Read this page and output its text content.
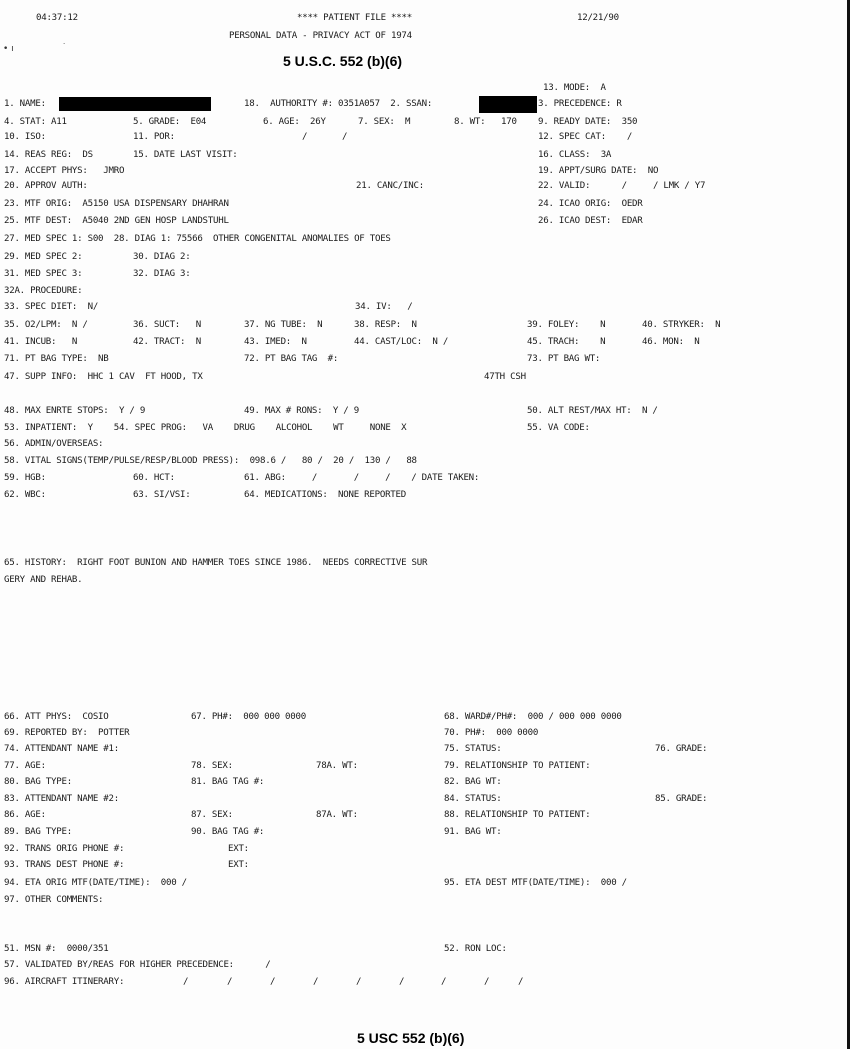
• ı	·
04:37:12	**** PATIENT FILE ****	12/21/90
PERSONAL DATA - PRIVACY ACT OF 1974
5 U.S.C. 552 (b)(6)
13. MODE:  A
1. NAME:	18.  AUTHORITY #: 0351A057  2. SSAN:	3. PRECEDENCE: R
4. STAT: A11	5. GRADE:  E04	6. AGE:  26Y	7. SEX:  M	8. WT:   170 9. READY DATE:  350
10. ISO:	11. POR:	/	/	12. SPEC CAT:    /
14. REAS REG:  DS	15. DATE LAST VISIT:	16. CLASS:  3A
17. ACCEPT PHYS:   JMRO	19. APPT/SURG DATE:  NO
20. APPROV AUTH:	21. CANC/INC:	22. VALID:      /     / LMK / Y7
23. MTF ORIG:  A5150 USA DISPENSARY DHAHRAN	24. ICAO ORIG:  OEDR
25. MTF DEST:  A5040 2ND GEN HOSP LANDSTUHL	26. ICAO DEST:  EDAR
27. MED SPEC 1: S00  28. DIAG 1: 75566  OTHER CONGENITAL ANOMALIES OF TOES
29. MED SPEC 2:	30. DIAG 2:
31. MED SPEC 3:	32. DIAG 3:
32A. PROCEDURE:
33. SPEC DIET:  N/	34. IV:   /
35. O2/LPM:  N /	36. SUCT:   N	37. NG TUBE:  N	38. RESP:  N	39. FOLEY:    N	40. STRYKER:  N
41. INCUB:   N	42. TRACT:  N	43. IMED:  N	44. CAST/LOC:  N /	45. TRACH:    N	46. MON:  N
71. PT BAG TYPE:  NB	72. PT BAG TAG  #:	73. PT BAG WT:
47. SUPP INFO:  HHC 1 CAV  FT HOOD, TX	47TH CSH
48. MAX ENRTE STOPS:  Y / 9	49. MAX # RONS:  Y / 9	50. ALT REST/MAX HT:  N /
53. INPATIENT:  Y    54. SPEC PROG:   VA    DRUG    ALCOHOL    WT     NONE  X	55. VA CODE:
56. ADMIN/OVERSEAS:
58. VITAL SIGNS(TEMP/PULSE/RESP/BLOOD PRESS):  098.6 /   80 /  20 /  130 /   88
59. HGB:	60. HCT:	61. ABG:     /       /     /    / DATE TAKEN:
62. WBC:	63. SI/VSI:	64. MEDICATIONS:  NONE REPORTED
65. HISTORY:  RIGHT FOOT BUNION AND HAMMER TOES SINCE 1986.  NEEDS CORRECTIVE SUR
GERY AND REHAB.
66. ATT PHYS:  COSIO	67. PH#:  000 000 0000	68. WARD#/PH#:  000 / 000 000 0000
69. REPORTED BY:  POTTER	70. PH#:  000 0000
74. ATTENDANT NAME #1:	75. STATUS:	76. GRADE:
77. AGE:	78. SEX:	78A. WT:	79. RELATIONSHIP TO PATIENT:
80. BAG TYPE:	81. BAG TAG #:	82. BAG WT:
83. ATTENDANT NAME #2:	84. STATUS:	85. GRADE:
86. AGE:	87. SEX:	87A. WT:	88. RELATIONSHIP TO PATIENT:
89. BAG TYPE:	90. BAG TAG #:	91. BAG WT:
92. TRANS ORIG PHONE #:	EXT:
93. TRANS DEST PHONE #:	EXT:
94. ETA ORIG MTF(DATE/TIME):  000 /	95. ETA DEST MTF(DATE/TIME):  000 /
97. OTHER COMMENTS:
51. MSN #:  0000/351	52. RON LOC:
57. VALIDATED BY/REAS FOR HIGHER PRECEDENCE:      /
96. AIRCRAFT ITINERARY:	/	/	/	/	/	/	/	/	/
5 USC 552 (b)(6)
